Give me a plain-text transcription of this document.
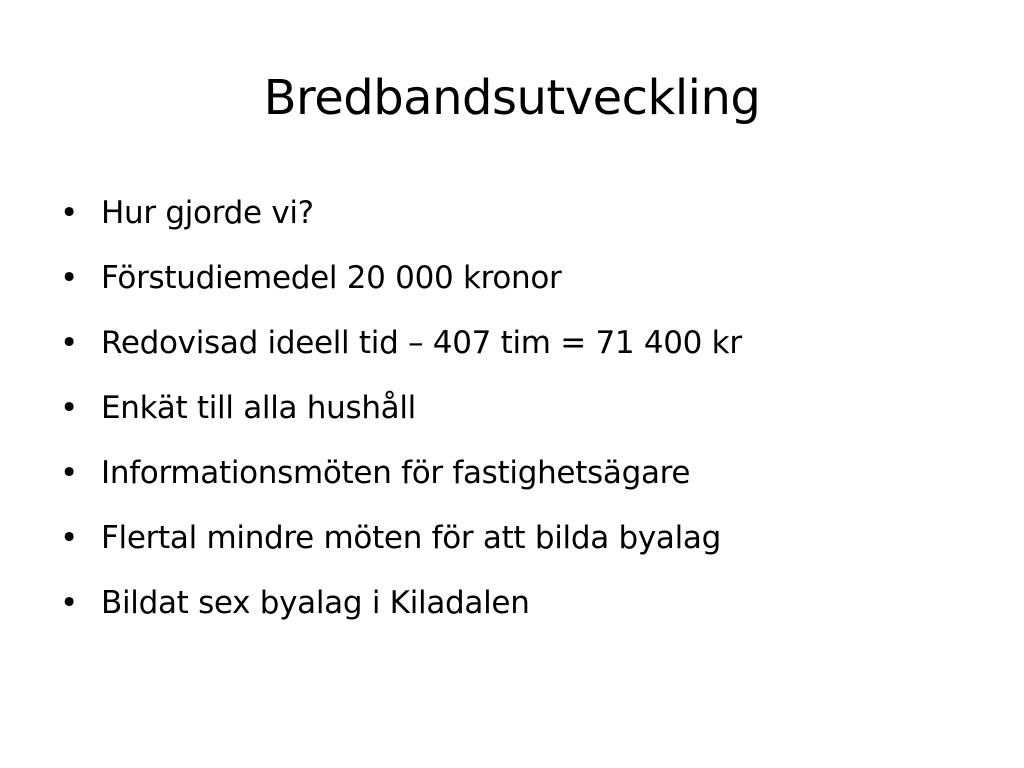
Bredbandsutveckling
• Hur gjorde vi?
• Förstudiemedel 20 000 kronor
• Redovisad ideell tid – 407 tim = 71 400 kr
• Enkät till alla hushåll
• Informationsmöten för fastighetsägare
• Flertal mindre möten för att bilda byalag
• Bildat sex byalag i Kiladalen
